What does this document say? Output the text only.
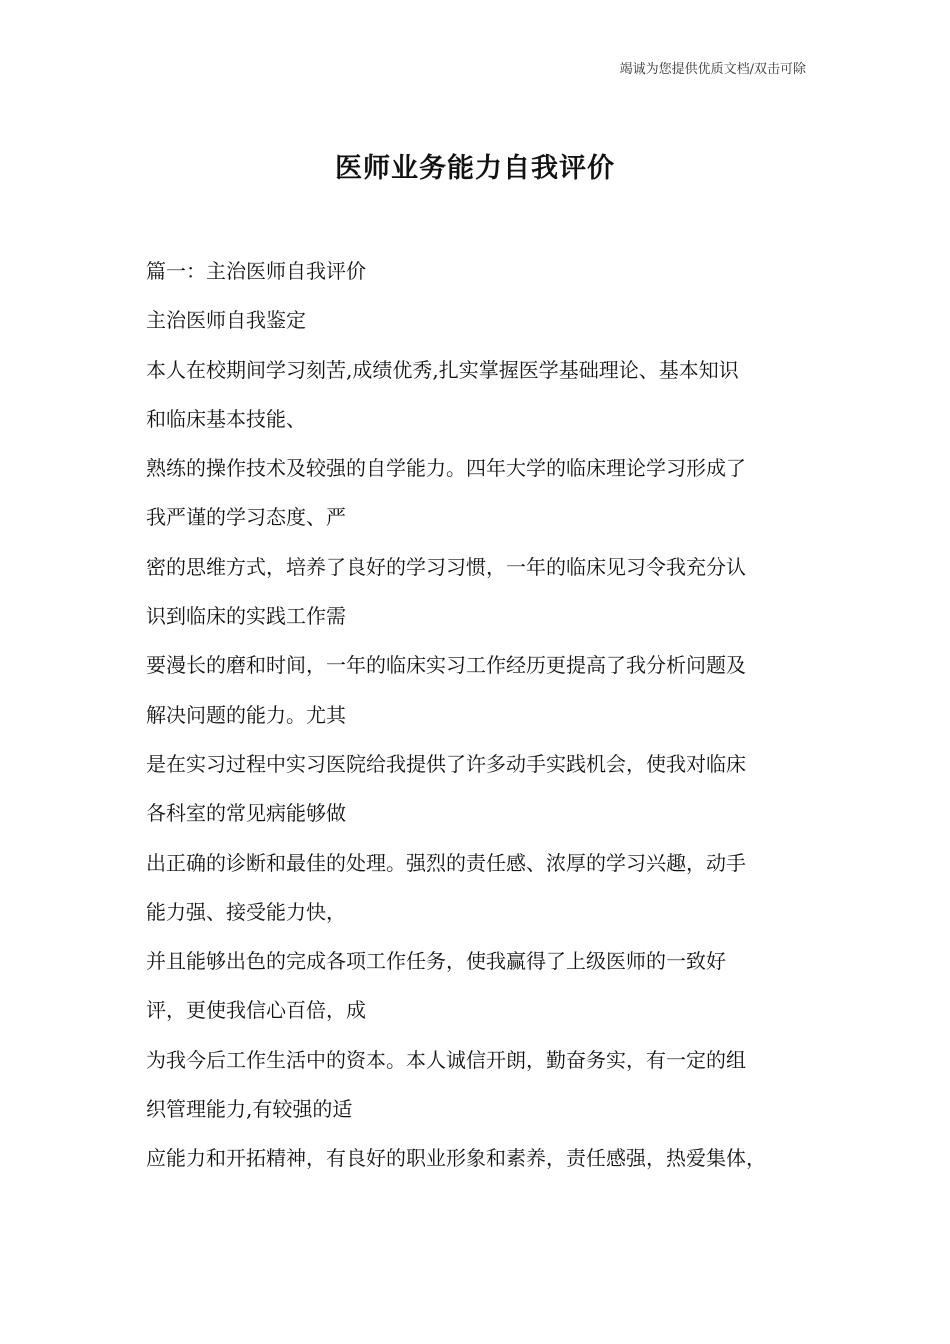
竭诚为您提供优质文档/双击可除
医师业务能力自我评价
篇一：主治医师自我评价
主治医师自我鉴定
本人在校期间学习刻苦,成绩优秀,扎实掌握医学基础理论、基本知识
和临床基本技能、
熟练的操作技术及较强的自学能力。四年大学的临床理论学习形成了
我严谨的学习态度、严
密的思维方式，培养了良好的学习习惯，一年的临床见习令我充分认
识到临床的实践工作需
要漫长的磨和时间，一年的临床实习工作经历更提高了我分析问题及
解决问题的能力。尤其
是在实习过程中实习医院给我提供了许多动手实践机会，使我对临床
各科室的常见病能够做
出正确的诊断和最佳的处理。强烈的责任感、浓厚的学习兴趣，动手
能力强、接受能力快，
并且能够出色的完成各项工作任务，使我赢得了上级医师的一致好
评，更使我信心百倍，成
为我今后工作生活中的资本。本人诚信开朗，勤奋务实，有一定的组
织管理能力,有较强的适
应能力和开拓精神，有良好的职业形象和素养，责任感强，热爱集体，
